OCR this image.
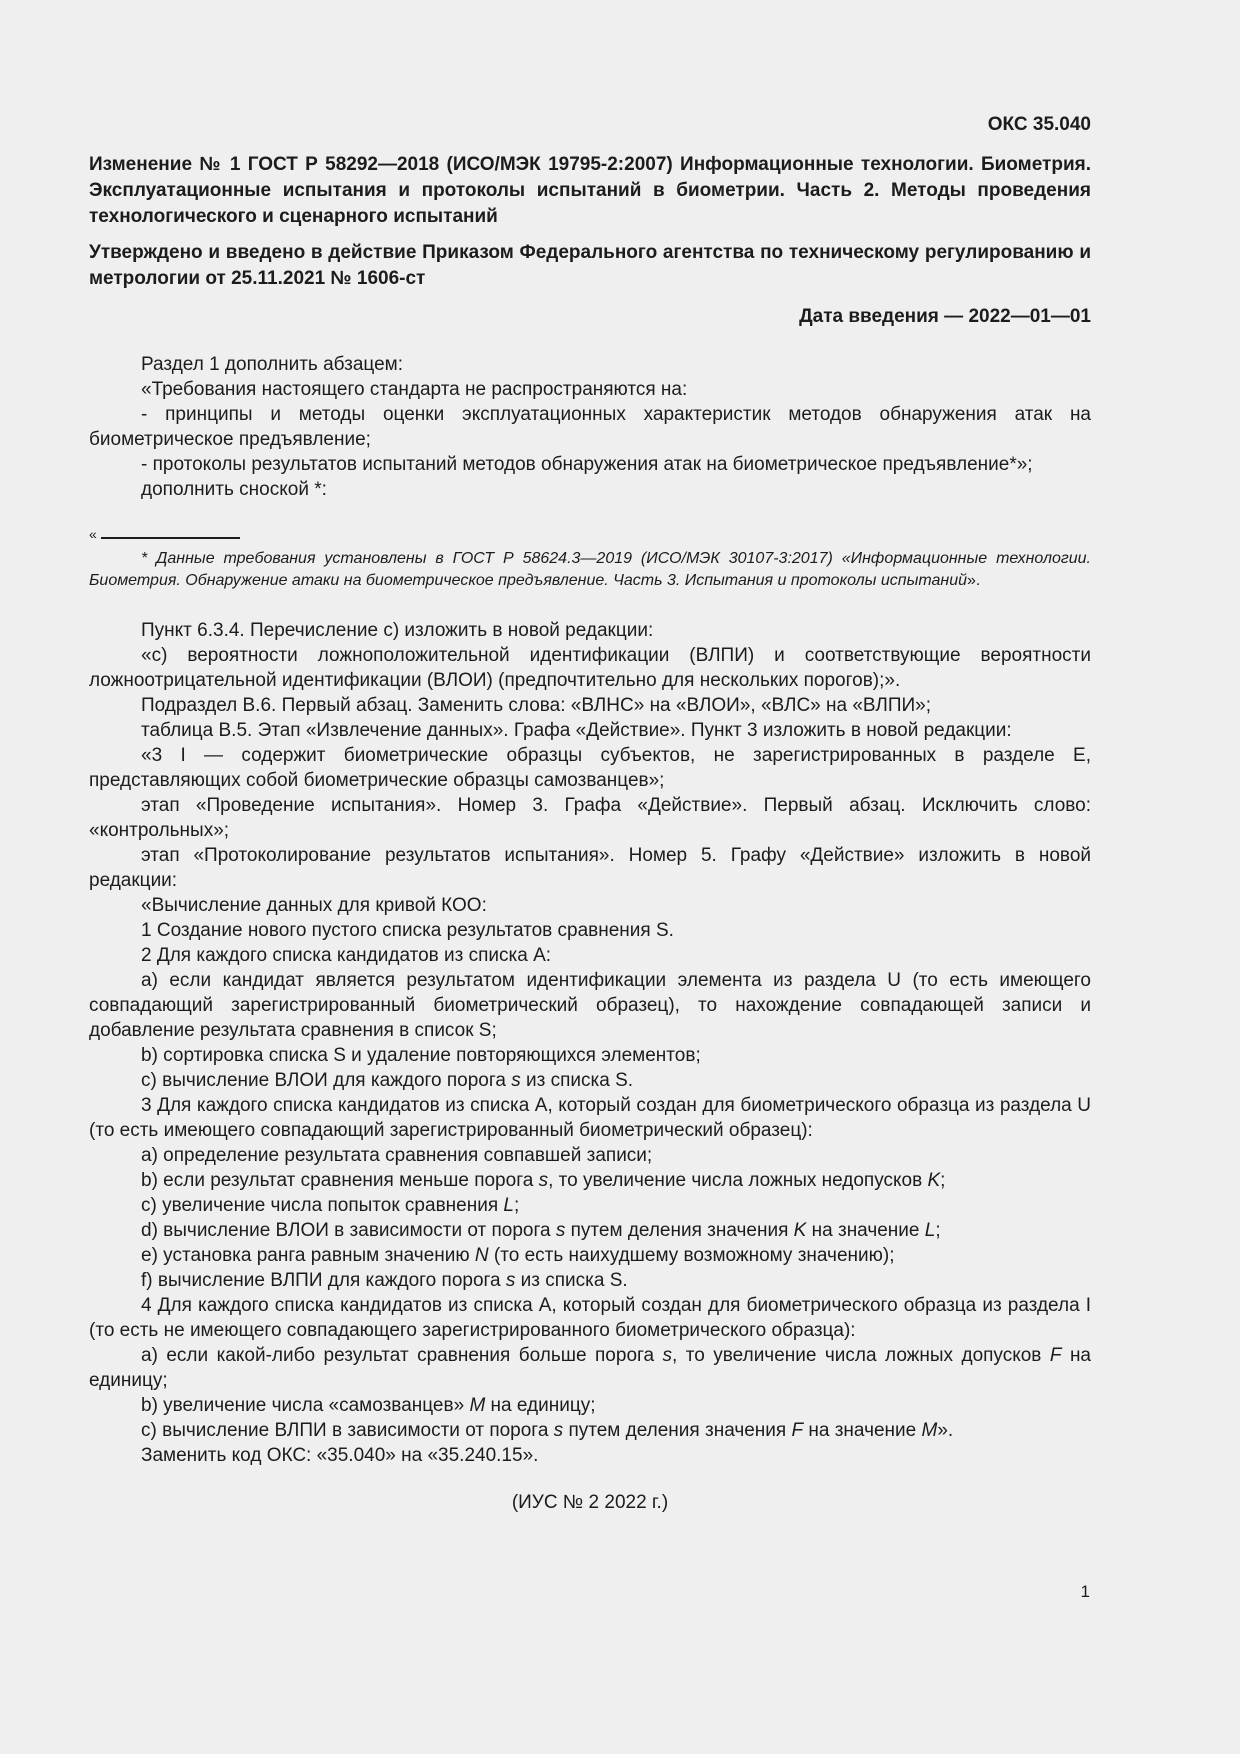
ОКС 35.040

Изменение № 1 ГОСТ Р 58292—2018 (ИСО/МЭК 19795-2:2007) Информационные технологии. Биометрия. Эксплуатационные испытания и протоколы испытаний в биометрии. Часть 2. Методы проведения технологического и сценарного испытаний

Утверждено и введено в действие Приказом Федерального агентства по техническому регулированию и метрологии от 25.11.2021 № 1606-ст

Дата введения — 2022—01—01

Раздел 1 дополнить абзацем:

«Требования настоящего стандарта не распространяются на:

- принципы и методы оценки эксплуатационных характеристик методов обнаружения атак на биометрическое предъявление;

- протоколы результатов испытаний методов обнаружения атак на биометрическое предъявление*»;

дополнить сноской *:

«

* Данные требования установлены в ГОСТ Р 58624.3—2019 (ИСО/МЭК 30107-3:2017) «Информационные технологии. Биометрия. Обнаружение атаки на биометрическое предъявление. Часть 3. Испытания и протоколы испытаний».

Пункт 6.3.4. Перечисление с) изложить в новой редакции:

«с) вероятности ложноположительной идентификации (ВЛПИ) и соответствующие вероятности ложноотрицательной идентификации (ВЛОИ) (предпочтительно для нескольких порогов);».

Подраздел В.6. Первый абзац. Заменить слова: «ВЛНС» на «ВЛОИ», «ВЛС» на «ВЛПИ»;

таблица В.5. Этап «Извлечение данных». Графа «Действие». Пункт 3 изложить в новой редакции:

«3 I — содержит биометрические образцы субъектов, не зарегистрированных в разделе Е, представляющих собой биометрические образцы самозванцев»;

этап «Проведение испытания». Номер 3. Графа «Действие». Первый абзац. Исключить слово: «контрольных»;

этап «Протоколирование результатов испытания». Номер 5. Графу «Действие» изложить в новой редакции:

«Вычисление данных для кривой КОО:

1 Создание нового пустого списка результатов сравнения S.

2 Для каждого списка кандидатов из списка А:

а) если кандидат является результатом идентификации элемента из раздела U (то есть имеющего совпадающий зарегистрированный биометрический образец), то нахождение совпадающей записи и добавление результата сравнения в список S;

b) сортировка списка S и удаление повторяющихся элементов;

с) вычисление ВЛОИ для каждого порога s из списка S.

3 Для каждого списка кандидатов из списка А, который создан для биометрического образца из раздела U (то есть имеющего совпадающий зарегистрированный биометрический образец):

а) определение результата сравнения совпавшей записи;

b) если результат сравнения меньше порога s, то увеличение числа ложных недопусков K;

с) увеличение числа попыток сравнения L;

d) вычисление ВЛОИ в зависимости от порога s путем деления значения K на значение L;

е) установка ранга равным значению N (то есть наихудшему возможному значению);

f) вычисление ВЛПИ для каждого порога s из списка S.

4 Для каждого списка кандидатов из списка А, который создан для биометрического образца из раздела I (то есть не имеющего совпадающего зарегистрированного биометрического образца):

а) если какой-либо результат сравнения больше порога s, то увеличение числа ложных допусков F на единицу;

b) увеличение числа «самозванцев» M на единицу;

с) вычисление ВЛПИ в зависимости от порога s путем деления значения F на значение M».

Заменить код ОКС: «35.040» на «35.240.15».

(ИУС № 2 2022 г.)
1
